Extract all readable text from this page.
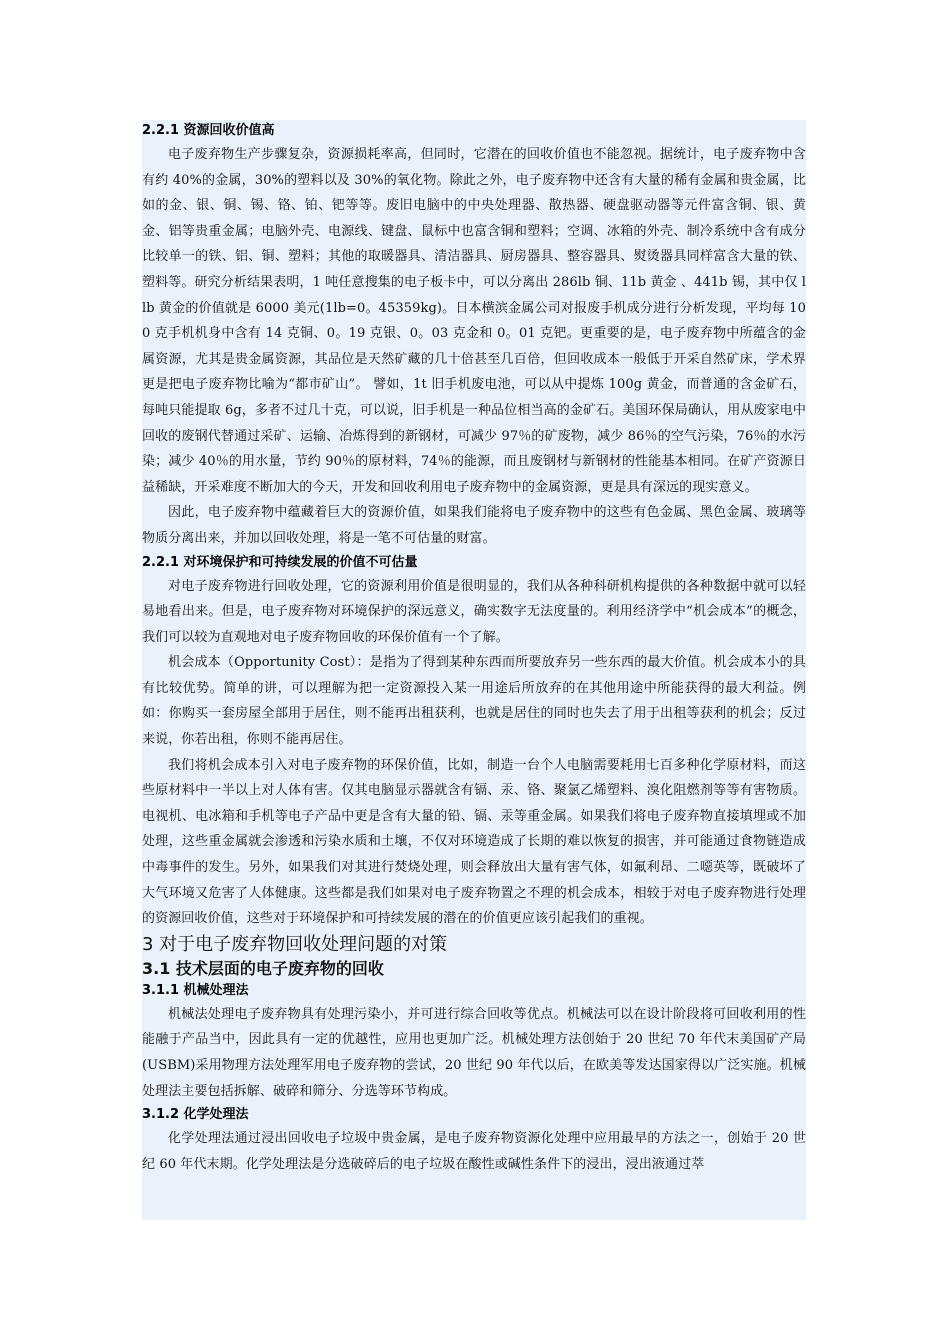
2.2.1 资源回收价值高

电子废弃物生产步骤复杂，资源损耗率高，但同时，它潜在的回收价值也不能忽视。据统计，电子废弃物中含有约 40%的金属，30%的塑料以及 30%的氧化物。除此之外，电子废弃物中还含有大量的稀有金属和贵金属，比如的金、银、铜、锡、铬、铂、钯等等。废旧电脑中的中央处理器、散热器、硬盘驱动器等元件富含铜、银、黄金、铝等贵重金属；电脑外壳、电源线、键盘、鼠标中也富含铜和塑料；空调、冰箱的外壳、制冷系统中含有成分比较单一的铁、铝、铜、塑料；其他的取暖器具、清洁器具、厨房器具、整容器具、熨烫器具同样富含大量的铁、塑料等。研究分析结果表明，1 吨任意搜集的电子板卡中，可以分离出 286lb 铜、11b 黄金 、441b 锡，其中仅 llb 黄金的价值就是 6000 美元(1lb=0。45359kg)。日本横滨金属公司对报废手机成分进行分析发现，平均每 100 克手机机身中含有 14 克铜、0。19 克银、0。03 克金和 0。01 克钯。更重要的是，电子废弃物中所蕴含的金属资源，尤其是贵金属资源，其品位是天然矿藏的几十倍甚至几百倍，但回收成本一般低于开采自然矿床，学术界更是把电子废弃物比喻为“都市矿山”。 譬如，1t 旧手机废电池，可以从中提炼 100g 黄金，而普通的含金矿石，每吨只能提取 6g，多者不过几十克，可以说，旧手机是一种品位相当高的金矿石。美国环保局确认，用从废家电中回收的废钢代替通过采矿、运输、冶炼得到的新钢材，可减少 97％的矿废物，减少 86％的空气污染，76％的水污染；减少 40％的用水量，节约 90％的原材料，74％的能源，而且废钢材与新钢材的性能基本相同。在矿产资源日益稀缺，开采难度不断加大的今天，开发和回收利用电子废弃物中的金属资源，更是具有深远的现实意义。

因此，电子废弃物中蕴藏着巨大的资源价值，如果我们能将电子废弃物中的这些有色金属、黑色金属、玻璃等物质分离出来，并加以回收处理，将是一笔不可估量的财富。

2.2.1 对环境保护和可持续发展的价值不可估量

对电子废弃物进行回收处理，它的资源利用价值是很明显的，我们从各种科研机构提供的各种数据中就可以轻易地看出来。但是，电子废弃物对环境保护的深远意义，确实数字无法度量的。利用经济学中“机会成本”的概念，我们可以较为直观地对电子废弃物回收的环保价值有一个了解。

机会成本（Opportunity Cost）：是指为了得到某种东西而所要放弃另一些东西的最大价值。机会成本小的具有比较优势。简单的讲，可以理解为把一定资源投入某一用途后所放弃的在其他用途中所能获得的最大利益。例如：你购买一套房屋全部用于居住，则不能再出租获利，也就是居住的同时也失去了用于出租等获利的机会；反过来说，你若出租，你则不能再居住。

我们将机会成本引入对电子废弃物的环保价值，比如，制造一台个人电脑需要耗用七百多种化学原材料，而这些原材料中一半以上对人体有害。仅其电脑显示器就含有镉、汞、铬、聚氯乙烯塑料、溴化阻燃剂等等有害物质。电视机、电冰箱和手机等电子产品中更是含有大量的铅、镉、汞等重金属。如果我们将电子废弃物直接填埋或不加处理，这些重金属就会渗透和污染水质和土壤，不仅对环境造成了长期的难以恢复的损害，并可能通过食物链造成中毒事件的发生。另外，如果我们对其进行焚烧处理，则会释放出大量有害气体，如氟利昂、二噁英等，既破坏了大气环境又危害了人体健康。这些都是我们如果对电子废弃物置之不理的机会成本，相较于对电子废弃物进行处理的资源回收价值，这些对于环境保护和可持续发展的潜在的价值更应该引起我们的重视。

3 对于电子废弃物回收处理问题的对策
3.1 技术层面的电子废弃物的回收
3.1.1 机械处理法

机械法处理电子废弃物具有处理污染小，并可进行综合回收等优点。机械法可以在设计阶段将可回收利用的性能融于产品当中，因此具有一定的优越性，应用也更加广泛。机械处理方法创始于 20 世纪 70 年代末美国矿产局(USBM)采用物理方法处理军用电子废弃物的尝试，20 世纪 90 年代以后，在欧美等发达国家得以广泛实施。机械处理法主要包括拆解、破碎和筛分、分选等环节构成。

3.1.2 化学处理法

化学处理法通过浸出回收电子垃圾中贵金属，是电子废弃物资源化处理中应用最早的方法之一，创始于 20 世纪 60 年代末期。化学处理法是分选破碎后的电子垃圾在酸性或碱性条件下的浸出，浸出液通过萃
